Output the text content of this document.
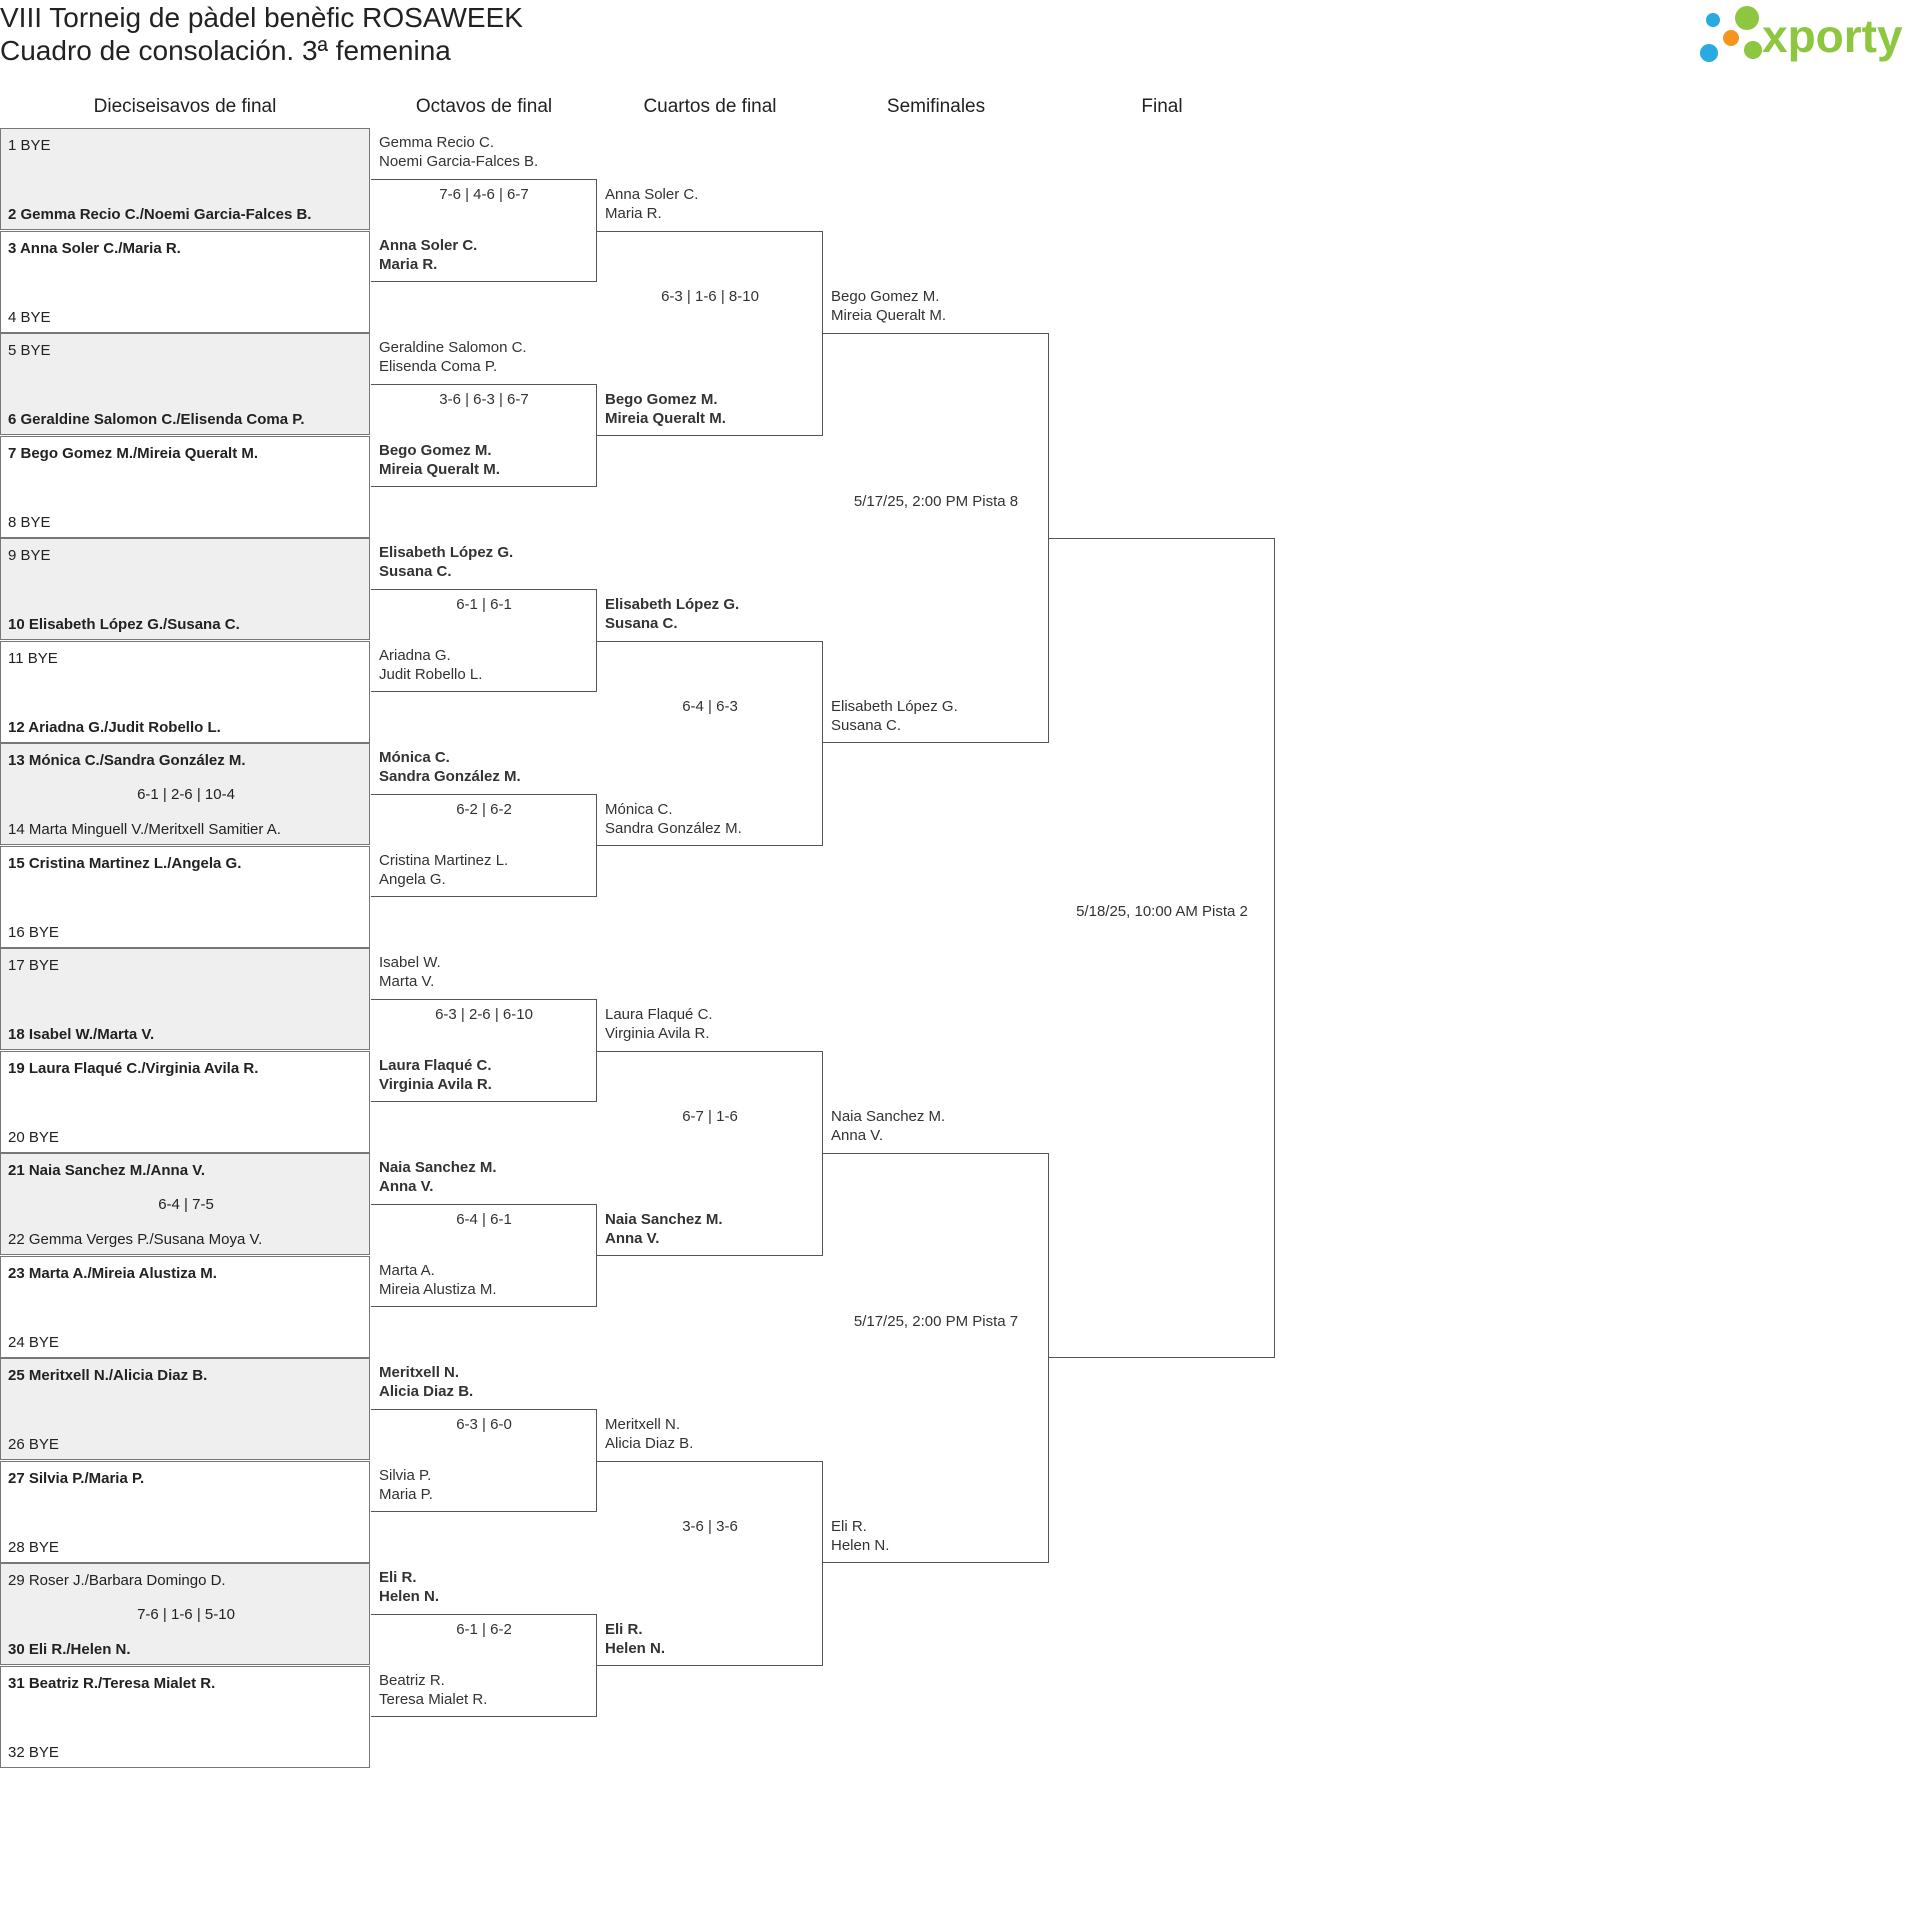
VIII Torneig de pàdel benèfic ROSAWEEK
Cuadro de consolación. 3ª femenina	xporty
Dieciseisavos de final	Octavos de final	Cuartos de final	Semifinales	Final
1 BYE
2 Gemma Recio C./Noemi Garcia-Falces B.
3 Anna Soler C./Maria R.
4 BYE
5 BYE
6 Geraldine Salomon C./Elisenda Coma P.
7 Bego Gomez M./Mireia Queralt M.
8 BYE
9 BYE
10 Elisabeth López G./Susana C.
11 BYE
12 Ariadna G./Judit Robello L.
13 Mónica C./Sandra González M.
14 Marta Minguell V./Meritxell Samitier A.
6-1 | 2-6 | 10-4
15 Cristina Martinez L./Angela G.
16 BYE
17 BYE
18 Isabel W./Marta V.
19 Laura Flaqué C./Virginia Avila R.
20 BYE
21 Naia Sanchez M./Anna V.
22 Gemma Verges P./Susana Moya V.
6-4 | 7-5
23 Marta A./Mireia Alustiza M.
24 BYE
25 Meritxell N./Alicia Diaz B.
26 BYE
27 Silvia P./Maria P.
28 BYE
29 Roser J./Barbara Domingo D.
30 Eli R./Helen N.
7-6 | 1-6 | 5-10
31 Beatriz R./Teresa Mialet R.
32 BYE
Gemma Recio C.
Noemi Garcia-Falces B.
Anna Soler C.
Maria R.
7-6 | 4-6 | 6-7
Geraldine Salomon C.
Elisenda Coma P.
Bego Gomez M.
Mireia Queralt M.
3-6 | 6-3 | 6-7
Elisabeth López G.
Susana C.
Ariadna G.
Judit Robello L.
6-1 | 6-1
Mónica C.
Sandra González M.
Cristina Martinez L.
Angela G.
6-2 | 6-2
Isabel W.
Marta V.
Laura Flaqué C.
Virginia Avila R.
6-3 | 2-6 | 6-10
Naia Sanchez M.
Anna V.
Marta A.
Mireia Alustiza M.
6-4 | 6-1
Meritxell N.
Alicia Diaz B.
Silvia P.
Maria P.
6-3 | 6-0
Eli R.
Helen N.
Beatriz R.
Teresa Mialet R.
6-1 | 6-2
Anna Soler C.
Maria R.
Bego Gomez M.
Mireia Queralt M.
6-3 | 1-6 | 8-10
Elisabeth López G.
Susana C.
Mónica C.
Sandra González M.
6-4 | 6-3
Laura Flaqué C.
Virginia Avila R.
Naia Sanchez M.
Anna V.
6-7 | 1-6
Meritxell N.
Alicia Diaz B.
Eli R.
Helen N.
3-6 | 3-6
Bego Gomez M.
Mireia Queralt M.
Elisabeth López G.
Susana C.
5/17/25, 2:00 PM Pista 8
Naia Sanchez M.
Anna V.
Eli R.
Helen N.
5/17/25, 2:00 PM Pista 7
5/18/25, 10:00 AM Pista 2
